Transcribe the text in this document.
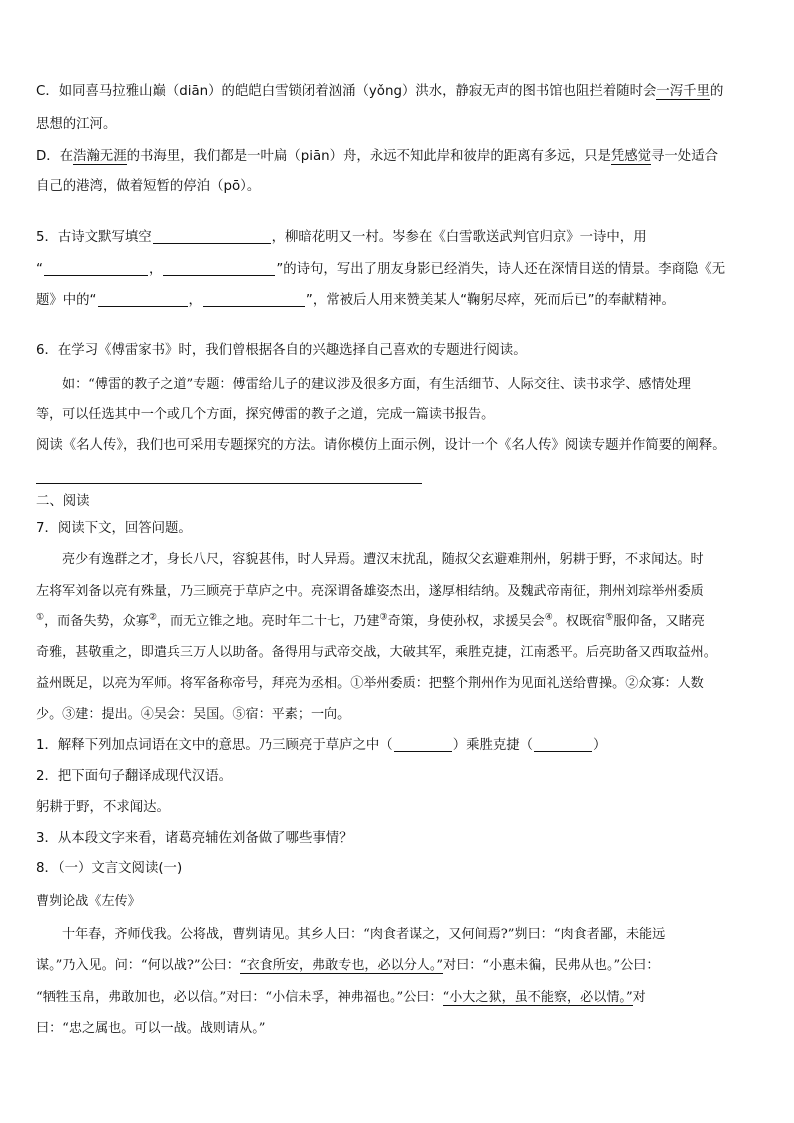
C．如同喜马拉雅山巅（diān）的皑皑白雪锁闭着汹涌（yǒng）洪水，静寂无声的图书馆也阻拦着随时会一泻千里的
思想的江河。
D．在浩瀚无涯的书海里，我们都是一叶扁（piān）舟，永远不知此岸和彼岸的距离有多远，只是凭感觉寻一处适合
自己的港湾，做着短暂的停泊（pō）。
5．古诗文默写填空	，柳暗花明又一村。岑参在《白雪歌送武判官归京》一诗中，用
“	，	”的诗句，写出了朋友身影已经消失，诗人还在深情目送的情景。李商隐《无
题》中的“	，	”，常被后人用来赞美某人“鞠躬尽瘁，死而后已”的奉献精神。
6．在学习《傅雷家书》时，我们曾根据各自的兴趣选择自己喜欢的专题进行阅读。
如：“傅雷的教子之道”专题：傅雷给儿子的建议涉及很多方面，有生活细节、人际交往、读书求学、感情处理
等，可以任选其中一个或几个方面，探究傅雷的教子之道，完成一篇读书报告。
阅读《名人传》，我们也可采用专题探究的方法。请你模仿上面示例，设计一个《名人传》阅读专题并作简要的阐释。
二、阅读
7．阅读下文，回答问题。
亮少有逸群之才，身长八尺，容貌甚伟，时人异焉。遭汉末扰乱，随叔父玄避难荆州，躬耕于野，不求闻达。时
左将军刘备以亮有殊量，乃三顾亮于草庐之中。亮深谓备雄姿杰出，遂厚相结纳。及魏武帝南征，荆州刘琮举州委质
①，而备失势，众寡②，而无立锥之地。亮时年二十七，乃建③奇策，身使孙权，求援吴会④。权既宿⑤服仰备，又睹亮
奇雅，甚敬重之，即遣兵三万人以助备。备得用与武帝交战，大破其军，乘胜克捷，江南悉平。后亮助备又西取益州。
益州既足，以亮为军师。将军备称帝号，拜亮为丞相。①举州委质：把整个荆州作为见面礼送给曹操。②众寡：人数
少。③建：提出。④吴会：吴国。⑤宿：平素；一向。
1．解释下列加点词语在文中的意思。乃三顾亮于草庐之中（	）乘胜克捷（	）
2．把下面句子翻译成现代汉语。
躬耕于野，不求闻达。
3．从本段文字来看，诸葛亮辅佐刘备做了哪些事情？
8．（一）文言文阅读(一)
曹刿论战《左传》
十年春，齐师伐我。公将战，曹刿请见。其乡人曰：“肉食者谋之，又何间焉?”刿曰：“肉食者鄙，未能远
谋。”乃入见。问：“何以战?”公曰：“衣食所安，弗敢专也，必以分人。”对曰：“小惠未徧，民弗从也。”公曰：
“牺牲玉帛，弗敢加也，必以信。”对曰：“小信未孚，神弗福也。”公曰：“小大之狱，虽不能察，必以情。”对
曰：“忠之属也。可以一战。战则请从。”
